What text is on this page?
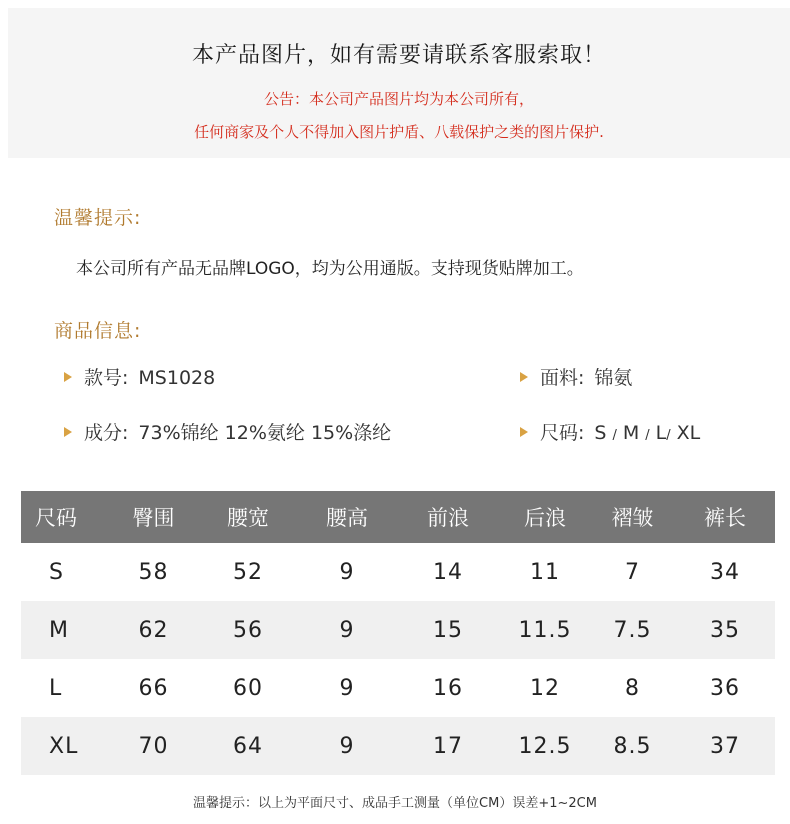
本产品图片，如有需要请联系客服索取！
公告：本公司产品图片均为本公司所有，
任何商家及个人不得加入图片护盾、八载保护之类的图片保护.
温馨提示:
本公司所有产品无品牌LOGO，均为公用通版。支持现货贴牌加工。
商品信息:
款号: MS1028	面料: 锦氨
成分: 73%锦纶 12%氨纶 15%涤纶	尺码: S / M / L/ XL
尺码	臀围	腰宽	腰高	前浪	后浪	褶皱	裤长
S	58	52	9	14	11	7	34
M	62	56	9	15	11.5	7.5	35
L	66	60	9	16	12	8	36
XL	70	64	9	17	12.5	8.5	37
温馨提示：以上为平面尺寸、成品手工测量（单位CM）误差+1~2CM
